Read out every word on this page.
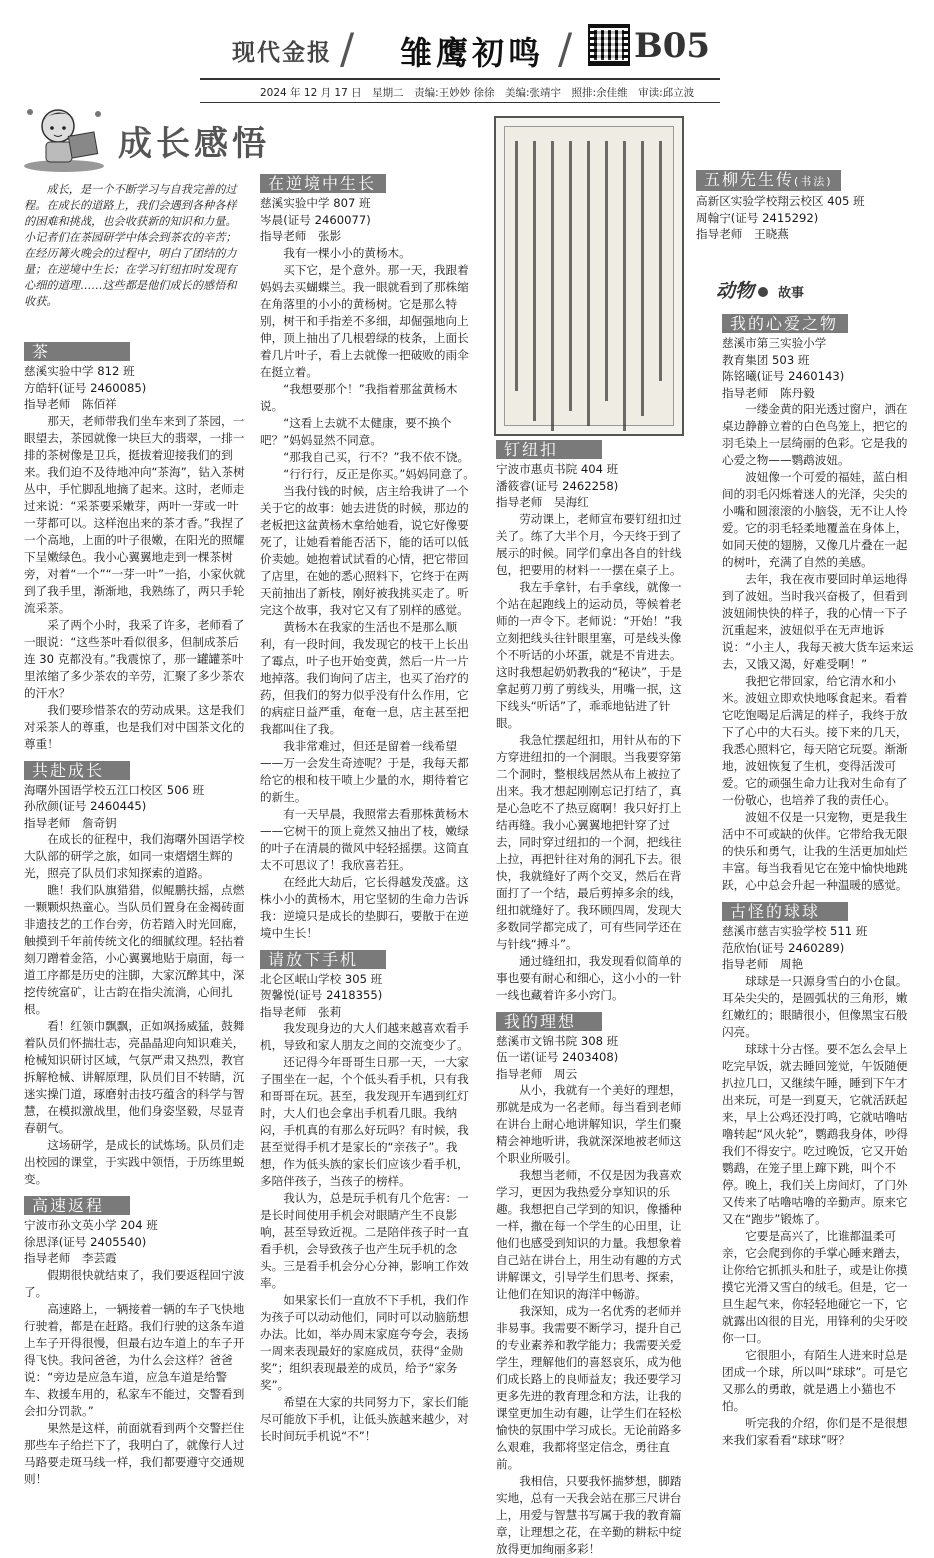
现代金报 / 雏鹰初鸣 / B05
2024 年 12 月 17 日　星期二　责编:王妙妙 徐徐　美编:张靖宇　照排:余佳维　审读:邱立波
成长感悟
成长，是一个不断学习与自我完善的过程。在成长的道路上，我们会遇到各种各样的困难和挑战，也会收获新的知识和力量。小记者们在茶园研学中体会到茶农的辛苦；在经历篝火晚会的过程中，明白了团结的力量；在逆境中生长；在学习钉纽扣时发现有心细的道理……这些都是他们成长的感悟和收获。
茶
慈溪实验中学 812 班
方皓轩(证号 2460085)
指导老师　陈佰祥

那天，老师带我们坐车来到了茶园，一眼望去，茶园就像一块巨大的翡翠，一排一排的茶树像是卫兵，挺拔着迎接我们的到来。我们迫不及待地冲向“茶海”，钻入茶树丛中，手忙脚乱地摘了起来。这时，老师走过来说：“采茶要采嫩芽，两叶一芽或一叶一芽都可以。这样泡出来的茶才香。”我捏了一个高地，上面的叶子很嫩，在阳光的照耀下呈嫩绿色。我小心翼翼地走到一棵茶树旁，对着“一个”“一芽一叶”一掐，小家伙就到了我手里，渐渐地，我熟练了，两只手轮流采茶。

采了两个小时，我采了许多，老师看了一眼说：“这些茶叶看似很多，但制成茶后连 30 克都没有。”我震惊了，那一罐罐茶叶里浓缩了多少茶农的辛劳，汇聚了多少茶农的汗水？

我们要珍惜茶农的劳动成果。这是我们对采茶人的尊重，也是我们对中国茶文化的尊重！

共赴成长
海曙外国语学校五江口校区 506 班
孙欣颜(证号 2460445)
指导老师　詹奇钥

在成长的征程中，我们海曙外国语学校大队部的研学之旅，如同一束熠熠生辉的光，照亮了队员们求知探索的道路。

瞧！我们队旗猎猎，似鲲鹏扶摇，点燃一颗颗炽热童心。当队员们置身在金褐砖面非遗技艺的工作台旁，仿若踏入时光回廊，触摸到千年前传统文化的细腻纹理。轻拈着刻刀蹭着金箔，小心翼翼地贴于扇面，每一道工序都是历史的注脚，大家沉醉其中，深挖传统富矿，让古韵在指尖流淌，心间扎根。

看！红领巾飘飘，正如飒扬威猛，鼓舞着队员们怀揣壮志，亮晶晶迎向知识难关，枪械知识研讨区域，气氛严肃又热烈，教官拆解枪械、讲解原理，队员们目不转睛，沉迷实操门道，琢磨射击技巧蕴含的科学与智慧，在模拟激战里，他们身姿坚毅，尽显青春朝气。

这场研学，是成长的试炼场。队员们走出校园的课堂，于实践中领悟，于历练里蜕变。

高速返程
宁波市孙文英小学 204 班
徐思泽(证号 2405540)
指导老师　李芸霞

假期很快就结束了，我们要返程回宁波了。

高速路上，一辆接着一辆的车子飞快地行驶着，都是在赶路。我们行驶的这条车道上车子开得很慢，但最右边车道上的车子开得飞快。我问爸爸，为什么会这样？爸爸说：“旁边是应急车道，应急车道是给警车、救援车用的，私家车不能过，交警看到会扣分罚款。”

果然是这样，前面就看到两个交警拦住那些车子给拦下了，我明白了，就像行人过马路要走斑马线一样，我们都要遵守交通规则！

在逆境中生长
慈溪实验中学 807 班
岑晨(证号 2460077)
指导老师　张影

我有一棵小小的黄杨木。

买下它，是个意外。那一天，我跟着妈妈去买蝴蝶兰。我一眼就看到了那株缩在角落里的小小的黄杨树。它是那么特别，树干和手指差不多细，却倔强地向上伸，顶上抽出了几根碧绿的枝条，上面长着几片叶子，看上去就像一把破败的雨伞在挺立着。

“我想要那个！”我指着那盆黄杨木说。

“这看上去就不太健康，要不换个吧？”妈妈显然不同意。

“那我自己买，行不？”我不依不饶。

“行行行，反正是你买。”妈妈同意了。

当我付钱的时候，店主给我讲了一个关于它的故事：她去进货的时候，那边的老板把这盆黄杨木拿给她看，说它好像要死了，让她看着能否活下，能的话可以低价卖她。她抱着试试看的心情，把它带回了店里，在她的悉心照料下，它终于在两天前抽出了新枝，刚好被我挑买走了。听完这个故事，我对它又有了别样的感觉。

黄杨木在我家的生活也不是那么顺利，有一段时间，我发现它的枝干上长出了霉点，叶子也开始变黄，然后一片一片地掉落。我们询问了店主，也买了治疗的药，但我们的努力似乎没有什么作用，它的病症日益严重，奄奄一息，店主甚至把我都叫住了我。

我非常难过，但还是留着一线希望——万一会发生奇迹呢？于是，我每天都给它的根和枝干喷上少量的水，期待着它的新生。

有一天早晨，我照常去看那株黄杨木——它树干的顶上竟然又抽出了枝，嫩绿的叶子在清晨的微风中轻轻摇摆。这简直太不可思议了！我欣喜若狂。

在经此大劫后，它长得越发茂盛。这株小小的黄杨木，用它坚韧的生命力告诉我：逆境只是成长的垫脚石，要散于在逆境中生长！

请放下手机
北仑区岷山学校 305 班
贺馨悦(证号 2418355)
指导老师　张莉

我发现身边的大人们越来越喜欢看手机，导致和家人朋友之间的交流变少了。

还记得今年哥哥生日那一天，一大家子围坐在一起，个个低头看手机，只有我和哥哥在玩。甚至，我发现开车遇到红灯时，大人们也会拿出手机看几眼。我纳闷，手机真的有那么好玩吗？有时候，我甚至觉得手机才是家长的“亲孩子”。我想，作为低头族的家长们应该少看手机，多陪伴孩子，当孩子的榜样。

我认为，总是玩手机有几个危害：一是长时间使用手机会对眼睛产生不良影响，甚至导致近视。二是陪伴孩子时一直看手机，会导致孩子也产生玩手机的念头。三是看手机会分心分神，影响工作效率。

如果家长们一直放不下手机，我们作为孩子可以动动他们，同时可以动脑筋想办法。比如，举办周末家庭夸夸会，表扬一周来表现最好的家庭成员，获得“金勋奖”；组织表现最差的成员，给予“家务奖”。

希望在大家的共同努力下，家长们能尽可能放下手机，让低头族越来越少，对长时间玩手机说“不”！

钉纽扣
宁波市惠贞书院 404 班
潘筱睿(证号 2462258)
指导老师　吴海红

劳动课上，老师宣布要钉纽扣过关了。练了大半个月，今天终于到了展示的时候。同学们拿出各自的针线包，把要用的材料一一摆在桌子上。

我左手拿针，右手拿线，就像一个站在起跑线上的运动员，等候着老师的一声令下。老师说：“开始！”我立刻把线头往针眼里塞，可是线头像个不听话的小坏蛋，就是不肯进去。这时我想起奶奶教我的“秘诀”，于是拿起剪刀剪了剪线头，用嘴一抿，这下线头“听话”了，乖乖地钻进了针眼。

我急忙摆起纽扣，用针从布的下方穿进纽扣的一个洞眼。当我要穿第二个洞时，整根线居然从布上被拉了出来。我才想起刚刚忘记打结了，真是心急吃不了热豆腐啊！我只好打上结再缝。我小心翼翼地把针穿了过去，同时穿过纽扣的一个洞，把线往上拉，再把针往对角的洞孔下去。很快，我就缝好了两个交叉，然后在背面打了一个结，最后剪掉多余的线，纽扣就缝好了。我环顾四周，发现大多数同学都完成了，可有些同学还在与针线“搏斗”。

通过缝纽扣，我发现看似简单的事也要有耐心和细心，这小小的一针一线也藏着许多小窍门。

我的理想
慈溪市文锦书院 308 班
伍一诺(证号 2403408)
指导老师　周云

从小，我就有一个美好的理想，那就是成为一名老师。每当看到老师在讲台上耐心地讲解知识，学生们聚精会神地听讲，我就深深地被老师这个职业所吸引。

我想当老师，不仅是因为我喜欢学习，更因为我热爱分享知识的乐趣。我想把自己学到的知识，像播种一样，撒在每一个学生的心田里，让他们也感受到知识的力量。我想象着自己站在讲台上，用生动有趣的方式讲解课文，引导学生们思考、探索，让他们在知识的海洋中畅游。

我深知，成为一名优秀的老师并非易事。我需要不断学习，提升自己的专业素养和教学能力；我需要关爱学生，理解他们的喜怒哀乐，成为他们成长路上的良师益友；我还要学习更多先进的教育理念和方法，让我的课堂更加生动有趣，让学生们在轻松愉快的氛围中学习成长。无论前路多么艰难，我都将坚定信念，勇往直前。

我相信，只要我怀揣梦想，脚踏实地，总有一天我会站在那三尺讲台上，用爱与智慧书写属于我的教育篇章，让理想之花，在辛勤的耕耘中绽放得更加绚丽多彩！

五柳先生传(书法)
高新区实验学校翔云校区 405 班
周翰宁(证号 2415292)
指导老师　王晓燕
动物 故事
我的心爱之物
慈溪市第三实验小学
教育集团 503 班
陈铭曦(证号 2460143)
指导老师　陈丹毅

一缕金黄的阳光透过窗户，洒在桌边静静立着的白色鸟笼上，把它的羽毛染上一层绮丽的色彩。它是我的心爱之物——鹦鹉波妞。

波妞像一个可爱的福娃，蓝白相间的羽毛闪烁着迷人的光泽，尖尖的小嘴和圆滚滚的小脑袋，无不让人怜爱。它的羽毛轻柔地覆盖在身体上，如同天使的翅膀，又像几片叠在一起的树叶，充满了自然的美感。

去年，我在夜市要回时单运地得到了波妞。当时我兴奋极了，但看到波妞闹快快的样子，我的心情一下子沉重起来，波妞似乎在无声地诉说：“小主人，我每天被大货车运来运去，又饿又渴，好难受啊！”

我把它带回家，给它清水和小米。波妞立即欢快地啄食起来。看着它吃饱喝足后满足的样子，我终于放下了心中的大石头。接下来的几天，我悉心照料它，每天陪它玩耍。渐渐地，波妞恢复了生机，变得活泼可爱。它的顽强生命力让我对生命有了一份敬心，也培养了我的责任心。

波妞不仅是一只宠物，更是我生活中不可或缺的伙伴。它带给我无限的快乐和勇气，让我的生活更加灿烂丰富。每当我看见它在笼中愉快地跳跃，心中总会升起一种温暖的感觉。

古怪的球球
慈溪市慈吉实验学校 511 班
范欣怡(证号 2460289)
指导老师　周艳

球球是一只源身雪白的小仓鼠。耳朵尖尖的，是圆弧状的三角形，嫩红嫩红的；眼睛很小，但像黑宝石般闪亮。

球球十分古怪。要不怎么会早上吃完早饭，就去睡回笼觉，午饭随便扒拉几口，又继续午睡，睡到下午才出来玩，可是一到夏天，它就活跃起来，早上公鸡还没打鸣，它就咕噜咕噜转起“风火轮”，鹦鹉我身体，吵得我们不得安宁。吃过晚饭，它又开始鹦鹉，在笼子里上蹿下跳，叫个不停。晚上，我们关上房间灯，了门外又传来了咕噜咕噜的辛勤声。原来它又在“跑步”锻炼了。

它要是高兴了，比谁都温柔可亲，它会爬到你的手掌心睡来蹭去，让你给它抓抓头和肚子，或是让你摸摸它光滑又雪白的绒毛。但是，它一旦生起气来，你轻轻地碰它一下，它就露出凶很的目光，用锋利的尖牙咬你一口。

它很胆小，有陌生人进来时总是团成一个球，所以叫“球球”。可是它又那么的勇敢，就是遇上小猫也不怕。

听完我的介绍，你们是不是很想来我们家看看“球球”呀？
